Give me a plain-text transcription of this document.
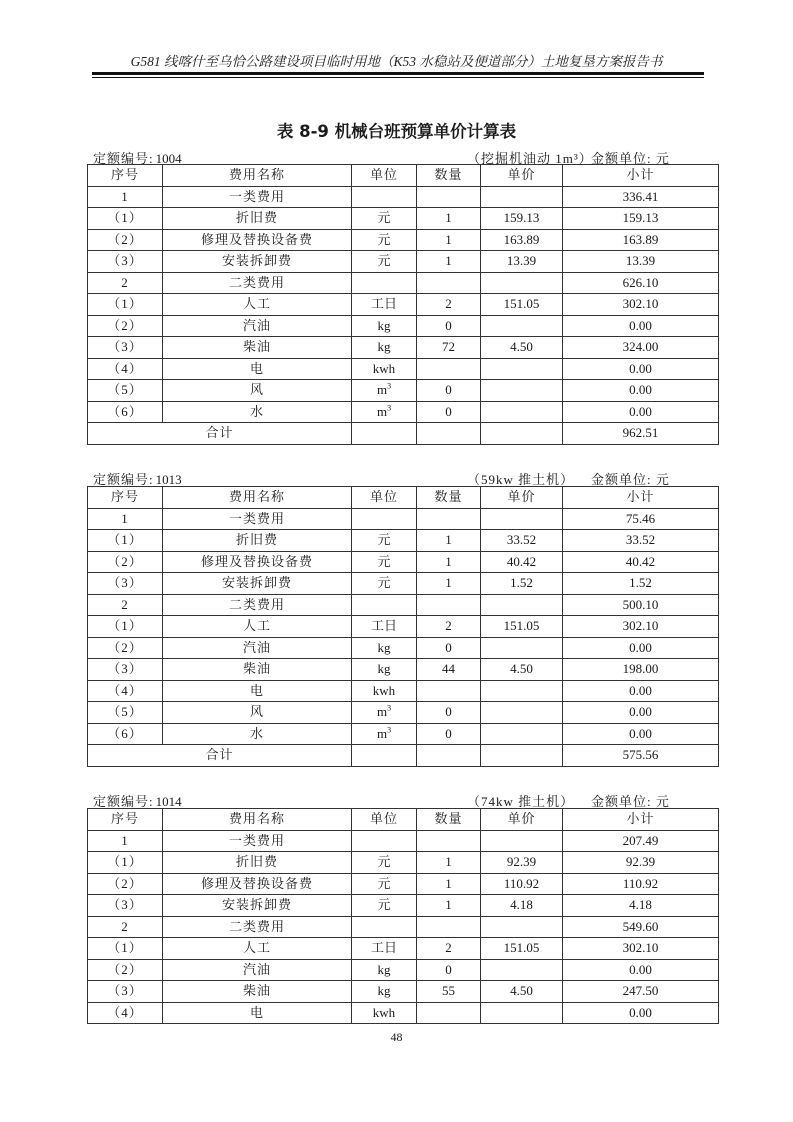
G581 线喀什至乌恰公路建设项目临时用地（K53 水稳站及便道部分）土地复垦方案报告书
表 8-9 机械台班预算单价计算表
定额编号: 1004	（挖掘机油动 1m³）
金额单位: 元
序号	费用名称	单位	数量	单价	小计
1	一类费用				336.41
（1）	折旧费	元	1	159.13	159.13
（2）	修理及替换设备费	元	1	163.89	163.89
（3）	安装拆卸费	元	1	13.39	13.39
2	二类费用				626.10
（1）	人工	工日	2	151.05	302.10
（2）	汽油	kg	0		0.00
（3）	柴油	kg	72	4.50	324.00
（4）	电	kwh			0.00
（5）	风	$m^3$	0		0.00
（6）	水	$m^3$	0		0.00
合计					962.51
定额编号: 1013	（59kw 推土机） 金额单位: 元
序号	费用名称	单位	数量	单价	小计
1	一类费用				75.46
（1）	折旧费	元	1	33.52	33.52
（2）	修理及替换设备费	元	1	40.42	40.42
（3）	安装拆卸费	元	1	1.52	1.52
2	二类费用				500.10
（1）	人工	工日	2	151.05	302.10
（2）	汽油	kg	0		0.00
（3）	柴油	kg	44	4.50	198.00
（4）	电	kwh			0.00
（5）	风	$m^3$	0		0.00
（6）	水	$m^3$	0		0.00
合计					575.56
定额编号: 1014	（74kw 推土机） 金额单位: 元
序号	费用名称	单位	数量	单价	小计
1	一类费用				207.49
（1）	折旧费	元	1	92.39	92.39
（2）	修理及替换设备费	元	1	110.92	110.92
（3）	安装拆卸费	元	1	4.18	4.18
2	二类费用				549.60
（1）	人工	工日	2	151.05	302.10
（2）	汽油	kg	0		0.00
（3）	柴油	kg	55	4.50	247.50
（4）	电	kwh			0.00
48
